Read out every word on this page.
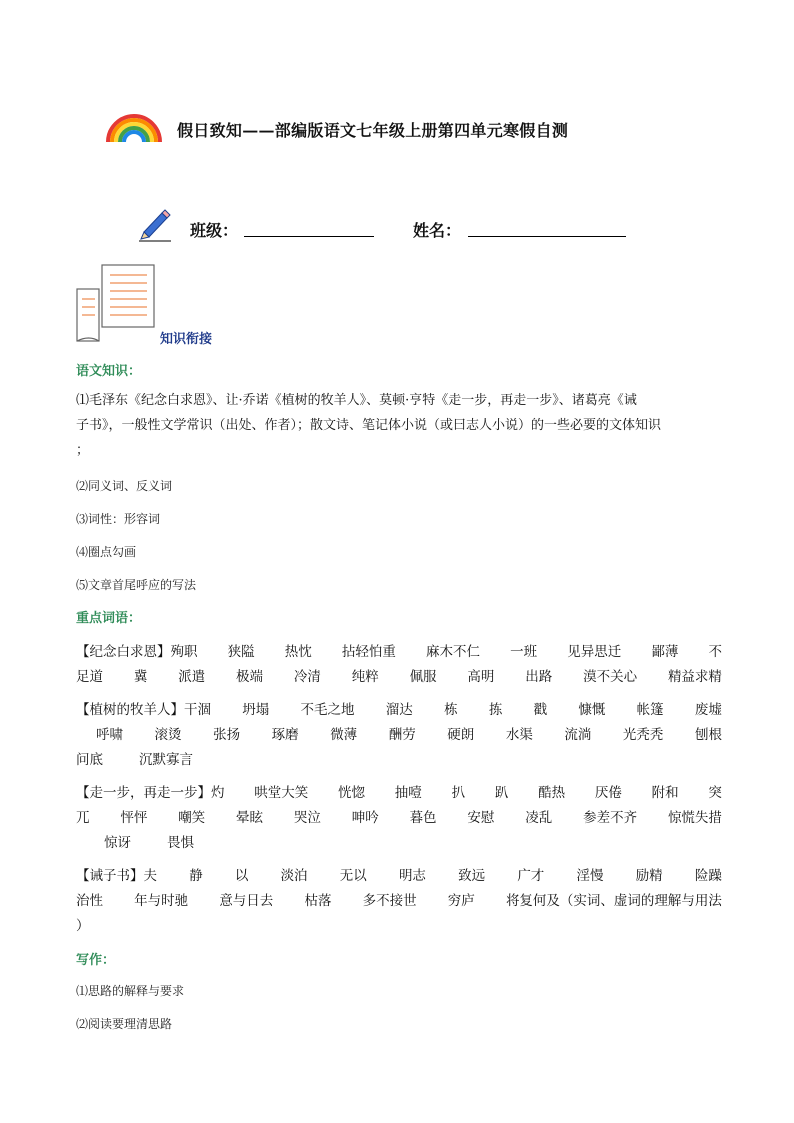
假日致知——部编版语文七年级上册第四单元寒假自测
班级：	姓名：
知识衔接
语文知识：
⑴毛泽东《纪念白求恩》、让·乔诺《植树的牧羊人》、莫顿·亨特《走一步，再走一步》、诸葛亮《诫
子书》，一般性文学常识（出处、作者）；散文诗、笔记体小说（或曰志人小说）的一些必要的文体知识
；
⑵同义词、反义词
⑶词性：形容词
⑷圈点勾画
⑸文章首尾呼应的写法
重点词语：
【纪念白求恩】殉职 狭隘 热忱 拈轻怕重 麻木不仁 一班 见异思迁 鄙薄 不
足道 冀 派遣 极端 冷清 纯粹 佩服 高明 出路 漠不关心 精益求精
【植树的牧羊人】干涸 坍塌 不毛之地 溜达 栋 拣 戳 慷慨 帐篷 废墟
呼啸 滚烫 张扬 琢磨 微薄 酬劳 硬朗 水渠 流淌 光秃秃 刨根
问底	沉默寡言
【走一步，再走一步】灼 哄堂大笑 恍惚 抽噎 扒 趴 酷热 厌倦 附和 突
兀 怦怦 嘲笑 晕眩 哭泣 呻吟 暮色 安慰 凌乱 参差不齐 惊慌失措
惊讶	畏惧
【诫子书】夫 静 以 淡泊 无以 明志 致远 广才 淫慢 励精 险躁
治性 年与时驰 意与日去 枯落 多不接世 穷庐 将复何及（实词、虚词的理解与用法
）
写作：
⑴思路的解释与要求
⑵阅读要理清思路
